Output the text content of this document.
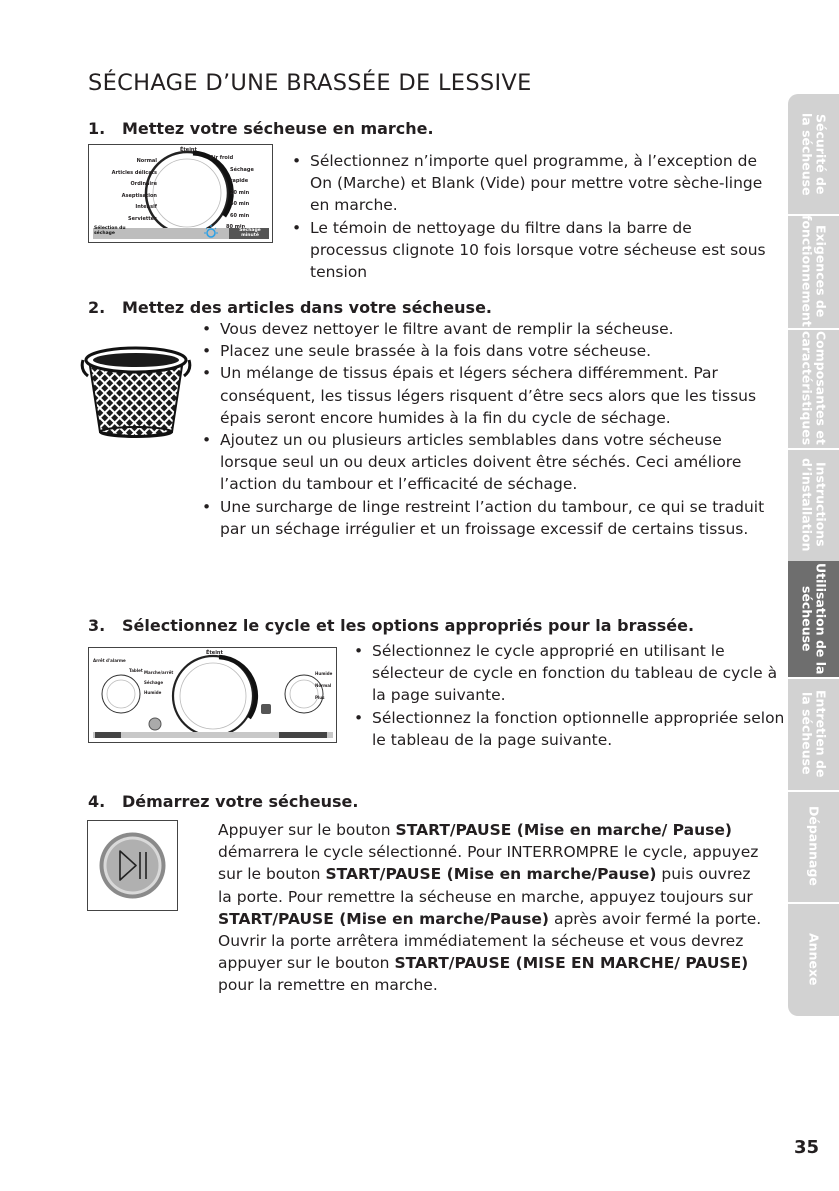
SÉCHAGE D’UNE BRASSÉE DE LESSIVE
1. Mettez votre sécheuse en marche.
Éteint
Normal
Articles délicats
Ordinaire
Aseptisation
Intensif
Serviettes
Air froid
Séchage rapide
20 min
40 min
60 min
80 min
Sélection du séchage
Séchage minuté
• Sélectionnez n’importe quel programme, à l’exception de On (Marche) et Blank (Vide) pour mettre votre sèche-linge en marche.
• Le témoin de nettoyage du filtre dans la barre de processus clignote 10 fois lorsque votre sécheuse est sous tension
2. Mettez des articles dans votre sécheuse.
• Vous devez nettoyer le filtre avant de remplir la sécheuse.
• Placez une seule brassée à la fois dans votre sécheuse.
• Un mélange de tissus épais et légers séchera différemment. Par conséquent, les tissus légers risquent d’être secs alors que les tissus épais seront encore humides à la fin du cycle de séchage.
• Ajoutez un ou plusieurs articles semblables dans votre sécheuse lorsque seul un ou deux articles doivent être séchés. Ceci améliore l’action du tambour et l’efficacité de séchage.
• Une surcharge de linge restreint l’action du tambour, ce qui se traduit par un séchage irrégulier et un froissage excessif de certains tissus.
3. Sélectionnez le cycle et les options appropriés pour la brassée.
Éteint
Arrêt d'alarme
Tablet Marche/arrêt
Séchage
Humide
Humide
Normal
Plus
• Sélectionnez le cycle approprié en utilisant le sélecteur de cycle en fonction du tableau de cycle à la page suivante.
• Sélectionnez la fonction optionnelle appropriée selon le tableau de la page suivante.
4. Démarrez votre sécheuse.
Appuyer sur le bouton START/PAUSE (Mise en marche/ Pause) démarrera le cycle sélectionné. Pour INTERROMPRE le cycle, appuyez sur le bouton START/PAUSE (Mise en marche/Pause) puis ouvrez la porte. Pour remettre la sécheuse en marche, appuyez toujours sur START/PAUSE (Mise en marche/Pause) après avoir fermé la porte. Ouvrir la porte arrêtera immédiatement la sécheuse et vous devrez appuyer sur le bouton START/PAUSE (MISE EN MARCHE/ PAUSE) pour la remettre en marche.
Sécurité de
la sécheuse
Exigences de
fonctionnement
Composantes et
caractéristiques
Instructions
d’installation
Utilisation de la
sécheuse
Entretien de
la sécheuse
Dépannage
Annexe
35
